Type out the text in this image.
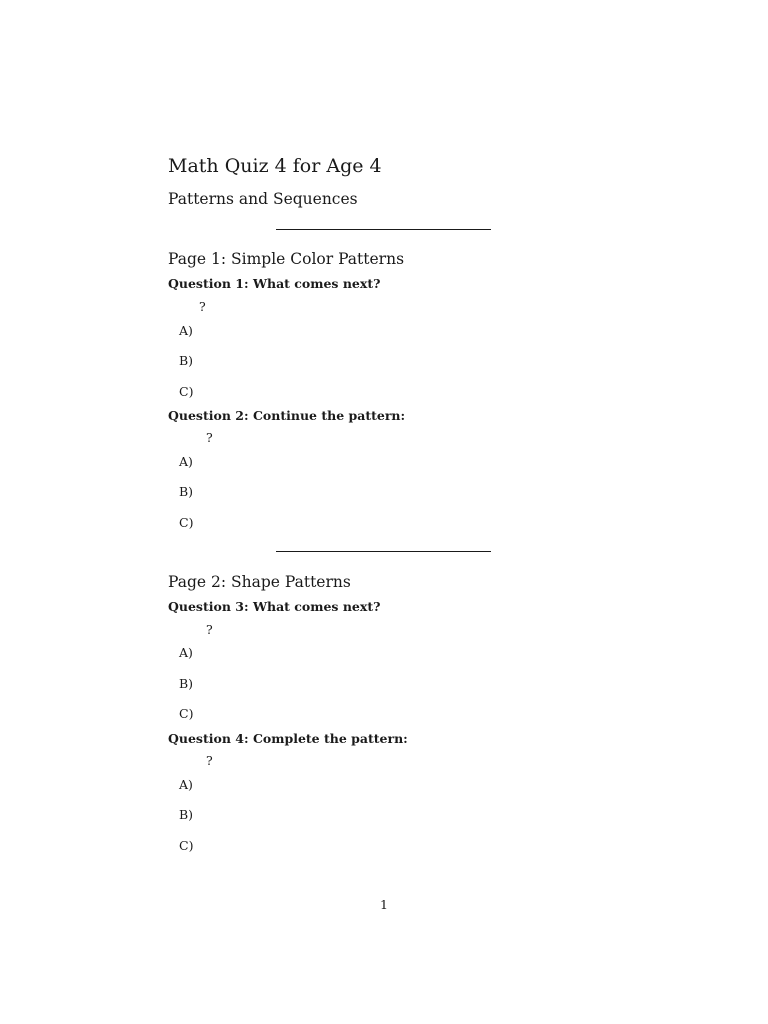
Math Quiz 4 for Age 4
Patterns and Sequences
Page 1: Simple Color Patterns
Question 1: What comes next?
?
A)
B)
C)
Question 2: Continue the pattern:
?
A)
B)
C)
Page 2: Shape Patterns
Question 3: What comes next?
?
A)
B)
C)
Question 4: Complete the pattern:
?
A)
B)
C)
1
